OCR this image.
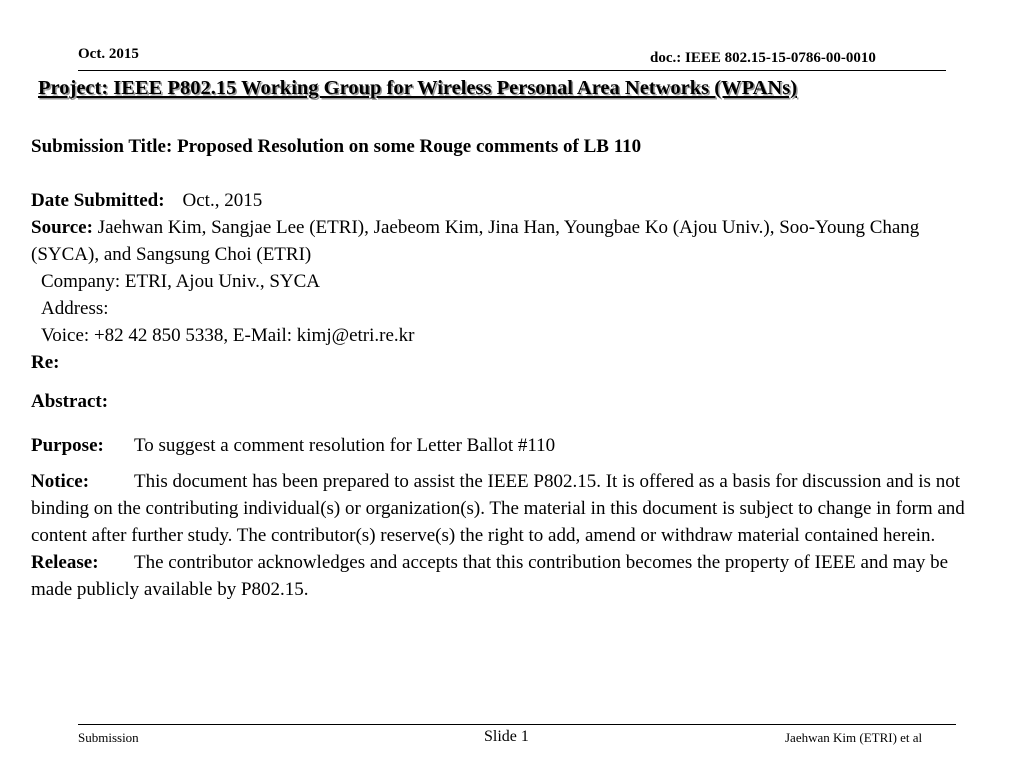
Oct. 2015	doc.: IEEE 802.15-15-0786-00-0010
Project: IEEE P802.15 Working Group for Wireless Personal Area Networks (WPANs)
Submission Title: Proposed Resolution on some Rouge comments of LB 110
Date Submitted: Oct., 2015
Source: Jaehwan Kim, Sangjae Lee (ETRI), Jaebeom Kim, Jina Han, Youngbae Ko (Ajou Univ.), Soo-Young Chang (SYCA), and Sangsung Choi (ETRI)
Company: ETRI, Ajou Univ., SYCA
Address:
Voice: +82 42 850 5338, E-Mail: kimj@etri.re.kr
Re:
Abstract:
Purpose: To suggest a comment resolution for Letter Ballot #110
Notice: This document has been prepared to assist the IEEE P802.15. It is offered as a basis for discussion and is not binding on the contributing individual(s) or organization(s). The material in this document is subject to change in form and content after further study. The contributor(s) reserve(s) the right to add, amend or withdraw material contained herein.
Release: The contributor acknowledges and accepts that this contribution becomes the property of IEEE and may be made publicly available by P802.15.
Submission	Slide 1	Jaehwan Kim (ETRI) et al
